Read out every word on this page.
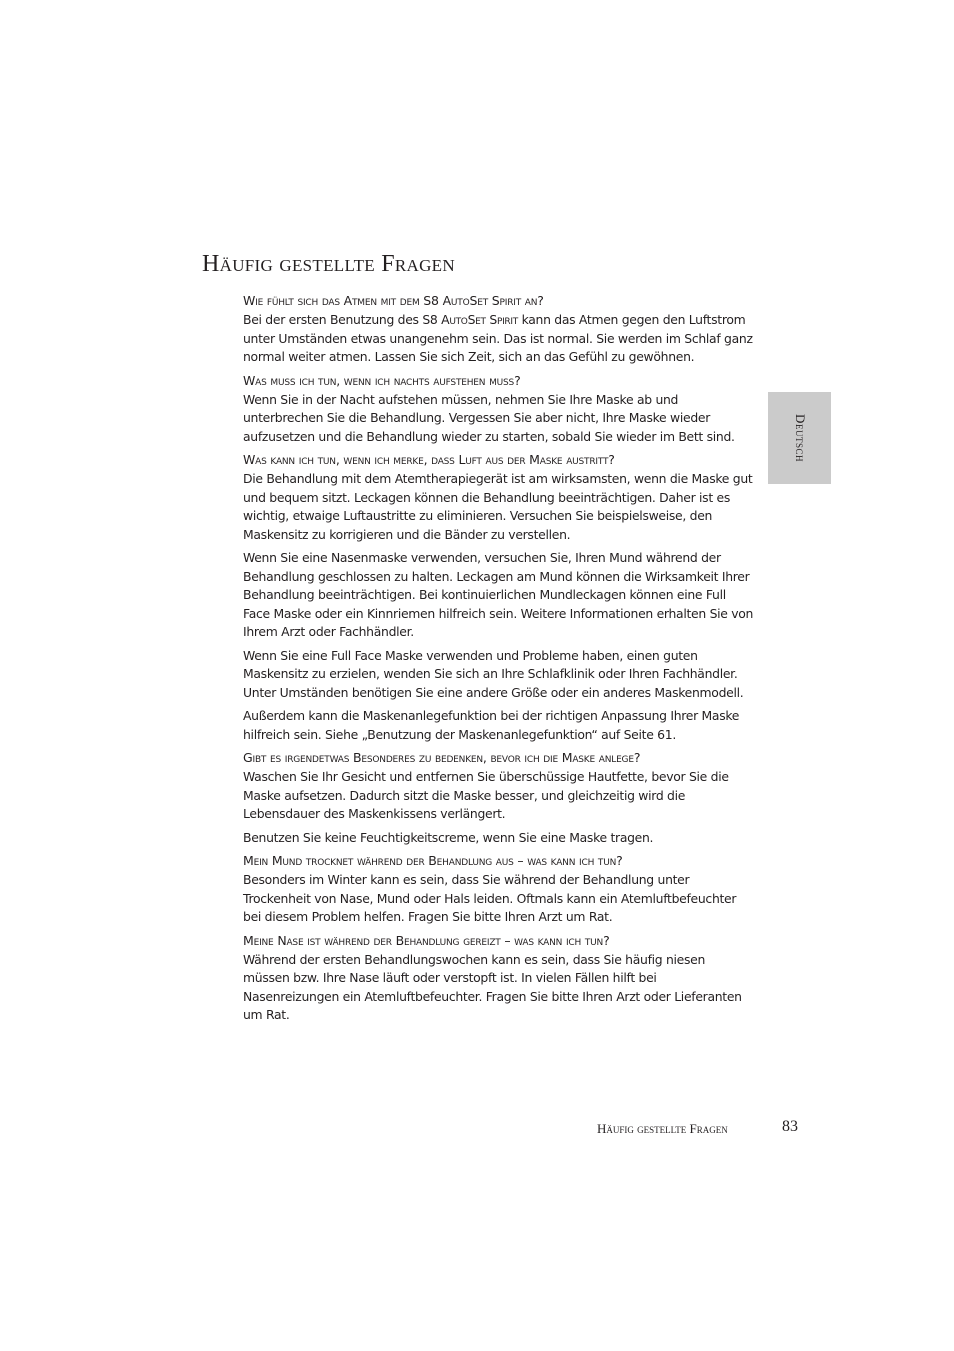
Häufig gestellte Fragen
Wie fühlt sich das Atmen mit dem S8 AutoSet Spirit an?

Bei der ersten Benutzung des S8 AutoSet Spirit kann das Atmen gegen den Luftstrom unter Umständen etwas unangenehm sein. Das ist normal. Sie werden im Schlaf ganz normal weiter atmen. Lassen Sie sich Zeit, sich an das Gefühl zu gewöhnen.

Was muss ich tun, wenn ich nachts aufstehen muss?

Wenn Sie in der Nacht aufstehen müssen, nehmen Sie Ihre Maske ab und unterbrechen Sie die Behandlung. Vergessen Sie aber nicht, Ihre Maske wieder aufzusetzen und die Behandlung wieder zu starten, sobald Sie wieder im Bett sind.

Was kann ich tun, wenn ich merke, dass Luft aus der Maske austritt?

Die Behandlung mit dem Atemtherapiegerät ist am wirksamsten, wenn die Maske gut und bequem sitzt. Leckagen können die Behandlung beeinträchtigen. Daher ist es wichtig, etwaige Luftaustritte zu eliminieren. Versuchen Sie beispielsweise, den Maskensitz zu korrigieren und die Bänder zu verstellen.

Wenn Sie eine Nasenmaske verwenden, versuchen Sie, Ihren Mund während der Behandlung geschlossen zu halten. Leckagen am Mund können die Wirksamkeit Ihrer Behandlung beeinträchtigen. Bei kontinuierlichen Mundleckagen können eine Full Face Maske oder ein Kinnriemen hilfreich sein. Weitere Informationen erhalten Sie von Ihrem Arzt oder Fachhändler.

Wenn Sie eine Full Face Maske verwenden und Probleme haben, einen guten Maskensitz zu erzielen, wenden Sie sich an Ihre Schlafklinik oder Ihren Fachhändler. Unter Umständen benötigen Sie eine andere Größe oder ein anderes Maskenmodell.

Außerdem kann die Maskenanlegefunktion bei der richtigen Anpassung Ihrer Maske hilfreich sein. Siehe „Benutzung der Maskenanlegefunktion“ auf Seite 61.

Gibt es irgendetwas Besonderes zu bedenken, bevor ich die Maske anlege?

Waschen Sie Ihr Gesicht und entfernen Sie überschüssige Hautfette, bevor Sie die Maske aufsetzen. Dadurch sitzt die Maske besser, und gleichzeitig wird die Lebensdauer des Maskenkissens verlängert.

Benutzen Sie keine Feuchtigkeitscreme, wenn Sie eine Maske tragen.

Mein Mund trocknet während der Behandlung aus – was kann ich tun?

Besonders im Winter kann es sein, dass Sie während der Behandlung unter Trockenheit von Nase, Mund oder Hals leiden. Oftmals kann ein Atemluftbefeuchter bei diesem Problem helfen. Fragen Sie bitte Ihren Arzt um Rat.

Meine Nase ist während der Behandlung gereizt – was kann ich tun?

Während der ersten Behandlungswochen kann es sein, dass Sie häufig niesen müssen bzw. Ihre Nase läuft oder verstopft ist. In vielen Fällen hilft bei Nasenreizungen ein Atemluftbefeuchter. Fragen Sie bitte Ihren Arzt oder Lieferanten um Rat.

Deutsch
Häufig gestellte Fragen	83
